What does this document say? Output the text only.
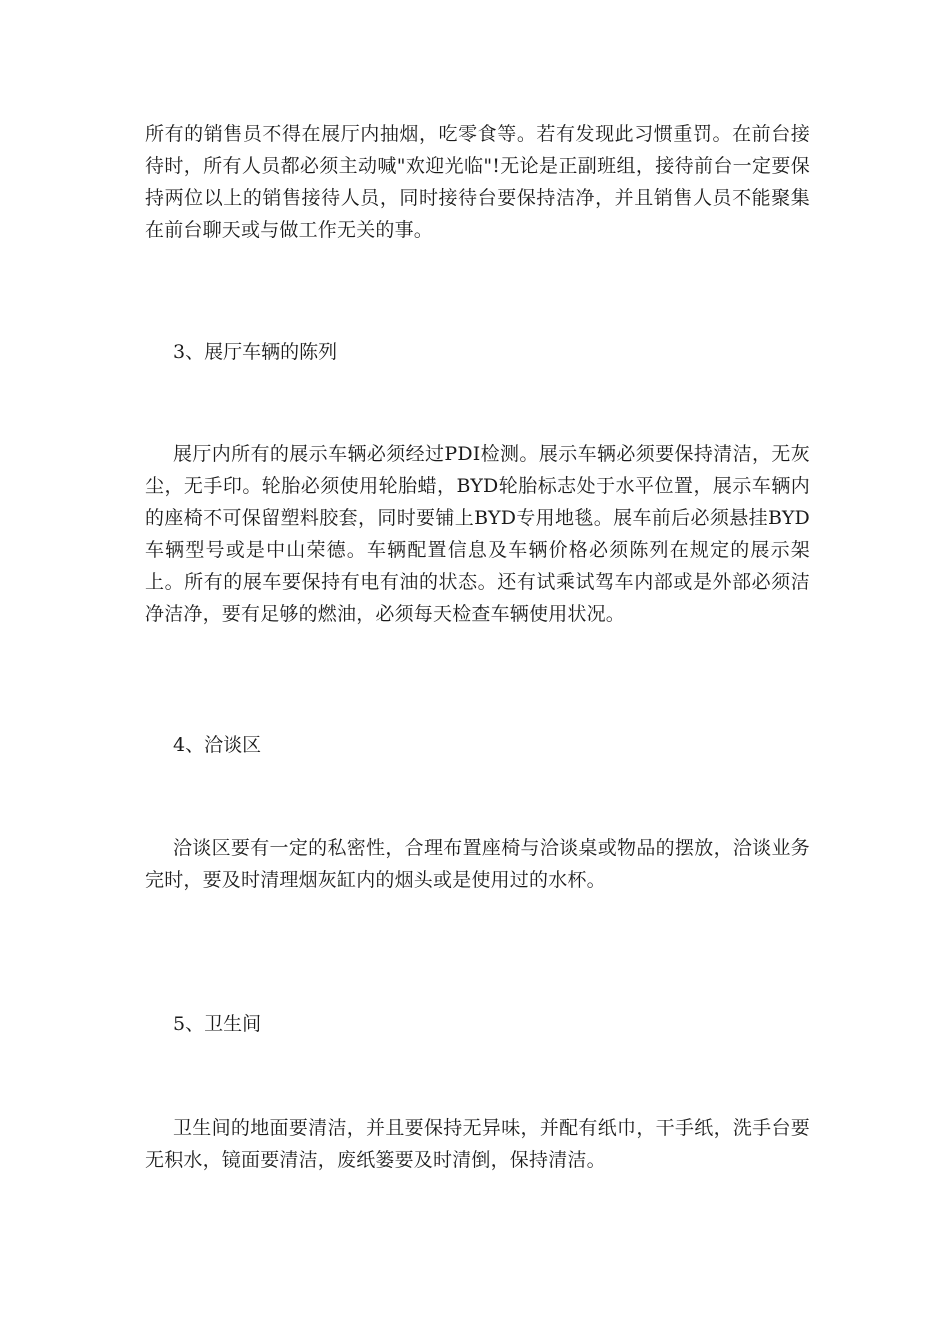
所有的销售员不得在展厅内抽烟，吃零食等。若有发现此习惯重罚。在前台接待时，所有人员都必须主动喊"欢迎光临"!无论是正副班组，接待前台一定要保持两位以上的销售接待人员，同时接待台要保持洁净，并且销售人员不能聚集在前台聊天或与做工作无关的事。

3、展厅车辆的陈列

展厅内所有的展示车辆必须经过PDI检测。展示车辆必须要保持清洁，无灰尘，无手印。轮胎必须使用轮胎蜡，BYD轮胎标志处于水平位置，展示车辆内的座椅不可保留塑料胶套，同时要铺上BYD专用地毯。展车前后必须悬挂BYD车辆型号或是中山荣德。车辆配置信息及车辆价格必须陈列在规定的展示架上。所有的展车要保持有电有油的状态。还有试乘试驾车内部或是外部必须洁净洁净，要有足够的燃油，必须每天检查车辆使用状况。

4、洽谈区

洽谈区要有一定的私密性，合理布置座椅与洽谈桌或物品的摆放，洽谈业务完时，要及时清理烟灰缸内的烟头或是使用过的水杯。

5、卫生间

卫生间的地面要清洁，并且要保持无异味，并配有纸巾，干手纸，洗手台要无积水，镜面要清洁，废纸篓要及时清倒，保持清洁。
